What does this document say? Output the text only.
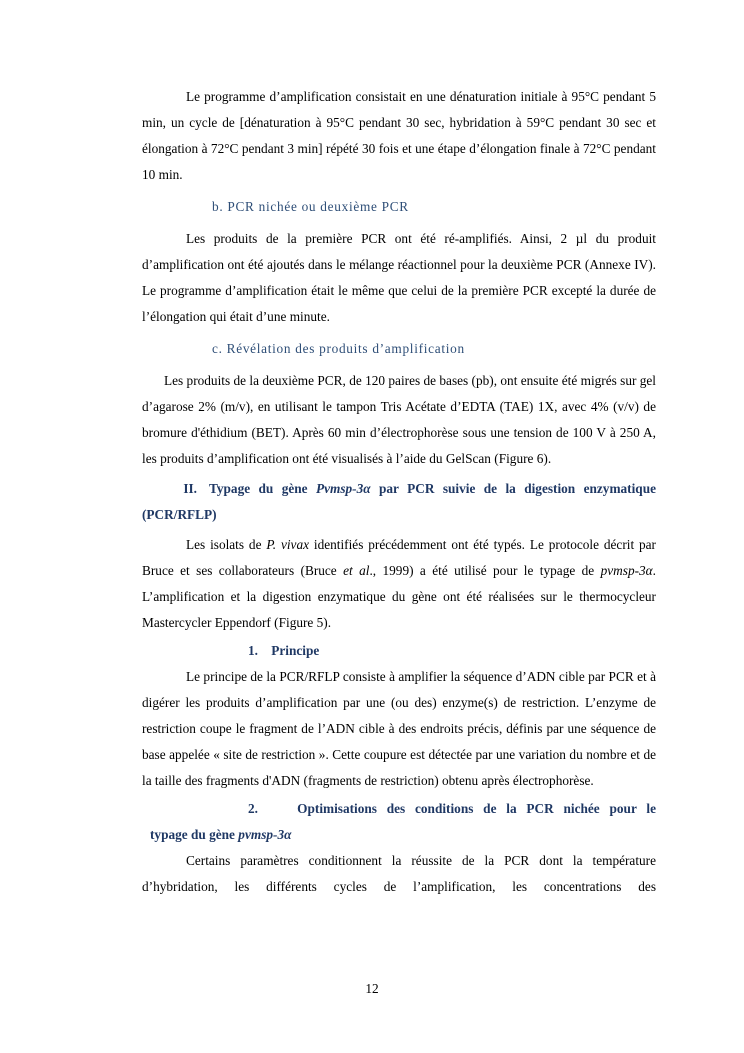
Le programme d’amplification consistait en une dénaturation initiale à 95°C pendant 5 min, un cycle de [dénaturation à 95°C pendant 30 sec, hybridation à 59°C pendant 30 sec et élongation à 72°C pendant 3 min] répété 30 fois et une étape d’élongation finale à 72°C pendant 10 min.

b. PCR nichée ou deuxième PCR

Les produits de la première PCR ont été ré-amplifiés. Ainsi, 2 µl du produit d’amplification ont été ajoutés dans le mélange réactionnel pour la deuxième PCR (Annexe IV). Le programme d’amplification était le même que celui de la première PCR excepté la durée de l’élongation qui était d’une minute.

c. Révélation des produits d’amplification

Les produits de la deuxième PCR, de 120 paires de bases (pb), ont ensuite été migrés sur gel d’agarose 2% (m/v), en utilisant le tampon Tris Acétate d’EDTA (TAE) 1X, avec 4% (v/v) de bromure d'éthidium (BET). Après 60 min d’électrophorèse sous une tension de 100 V à 250 A, les produits d’amplification ont été visualisés à l’aide du GelScan (Figure 6).

II. Typage du gène Pvmsp-3α par PCR suivie de la digestion enzymatique (PCR/RFLP)

Les isolats de P. vivax identifiés précédemment ont été typés. Le protocole décrit par Bruce et ses collaborateurs (Bruce et al., 1999) a été utilisé pour le typage de pvmsp-3α. L’amplification et la digestion enzymatique du gène ont été réalisées sur le thermocycleur Mastercycler Eppendorf (Figure 5).

1. Principe

Le principe de la PCR/RFLP consiste à amplifier la séquence d’ADN cible par PCR et à digérer les produits d’amplification par une (ou des) enzyme(s) de restriction. L’enzyme de restriction coupe le fragment de l’ADN cible à des endroits précis, définis par une séquence de base appelée « site de restriction ». Cette coupure est détectée par une variation du nombre et de la taille des fragments d'ADN (fragments de restriction) obtenu après électrophorèse.

2.	Optimisations des conditions de la PCR nichée pour le
typage du gène pvmsp-3α

Certains paramètres conditionnent la réussite de la PCR dont la température d’hybridation, les différents cycles de l’amplification, les concentrations des

12
